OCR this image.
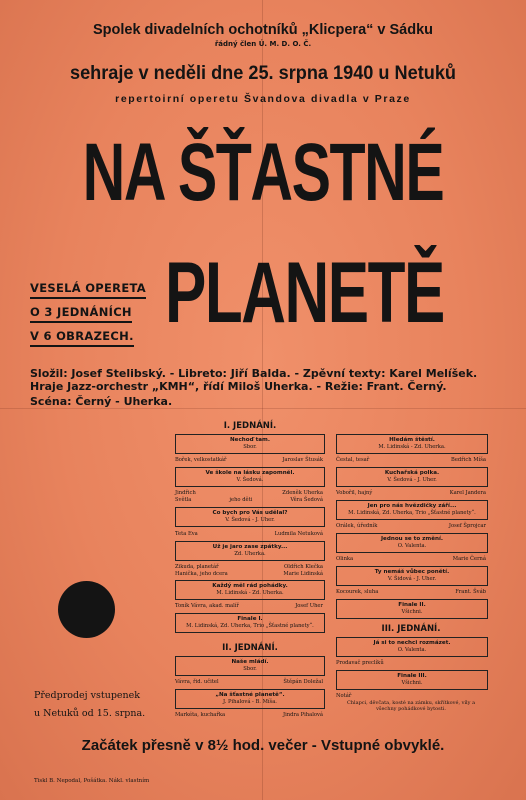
Spolek divadelních ochotníků „Klicpera“ v Sádku
řádný člen Ú. M. D. O. Č.
sehraje v neděli dne 25. srpna 1940 u Netuků
repertoirní operetu Švandova divadla v Praze
NA ŠŤASTNÉ
PLANETĚ
VESELÁ OPERETA
O 3 JEDNÁNÍCH
V 6 OBRAZECH.
Složil: Josef Stelibský. - Libreto: Jiří Balda. - Zpěvní texty: Karel Melíšek.
Hraje Jazz-orchestr „KMH“, řídí Miloš Uherka. - Režie: Frant. Černý.
Scéna: Černý - Uherka.
I. JEDNÁNÍ.
Nechoď tam.
Sbor.
Bořek, velkostatkář	Jaroslav Štusák
Ve škole na lásku zapomněl.
V. Šedová.
Jindřich	Zdeněk Uherka
Světla	jeho děti	Věra Šedová
Co bych pro Vás udělal?
V. Šedová - J. Uher.
Teta Eva	Ludmila Netuková
Už je jaro zase zpátky...
Zd. Uherka.
Zikuda, planetář	Oldřich Klečka
Hanička, jeho dcera	Marie Lidinská
Každý měl rád pohádky.
M. Lidinská - Zd. Uherka.
Toník Vávra, akad. malíř	Josef Uher
Finale I.
M. Lidinská, Zd. Uherka, Trio „Šťastné planety“.
II. JEDNÁNÍ.
Naše mládí.
Sbor.
Vávra, řid. učitel	Štěpán Doležal
„Na šťastné planetě“.
J. Pihalová - B. Míša.
Markéta, kuchařka	Jindra Pihalová
Hledám štěstí.
M. Lidinská - Zd. Uherka.
Čestal, tesař	Bedřich Míša
Kuchařská polka.
V. Šedová - J. Uher.
Vobořil, hajný	Karel Jandera
Jen pro nás hvězdičky září...
M. Lidinská, Zd. Uherka, Trio „Šťastné planety“.
Orálek, úředník	Josef Šprojcar
Jednou se to změní.
O. Valenta.
Olinka	Marie Černá
Ty nemáš vůbec ponětí.
V. Šidová - J. Uher.
Kocourek, sluha	Frant. Šváb
Finale II.
Všichni.
III. JEDNÁNÍ.
Já si to nechci rozmázet.
O. Valenta.
Prodavač preclíků
Finale III.
Všichni.
Notář
Chlapci, děvčata, kosté na zámku, skřítkové, víly a všechny pohádkové bytosti.
Předprodej vstupenek
u Netuků od 15. srpna.
Začátek přesně v 8½ hod. večer - Vstupné obvyklé.
Tiskl B. Nepodal, Pošátka. Nákl. vlastním
